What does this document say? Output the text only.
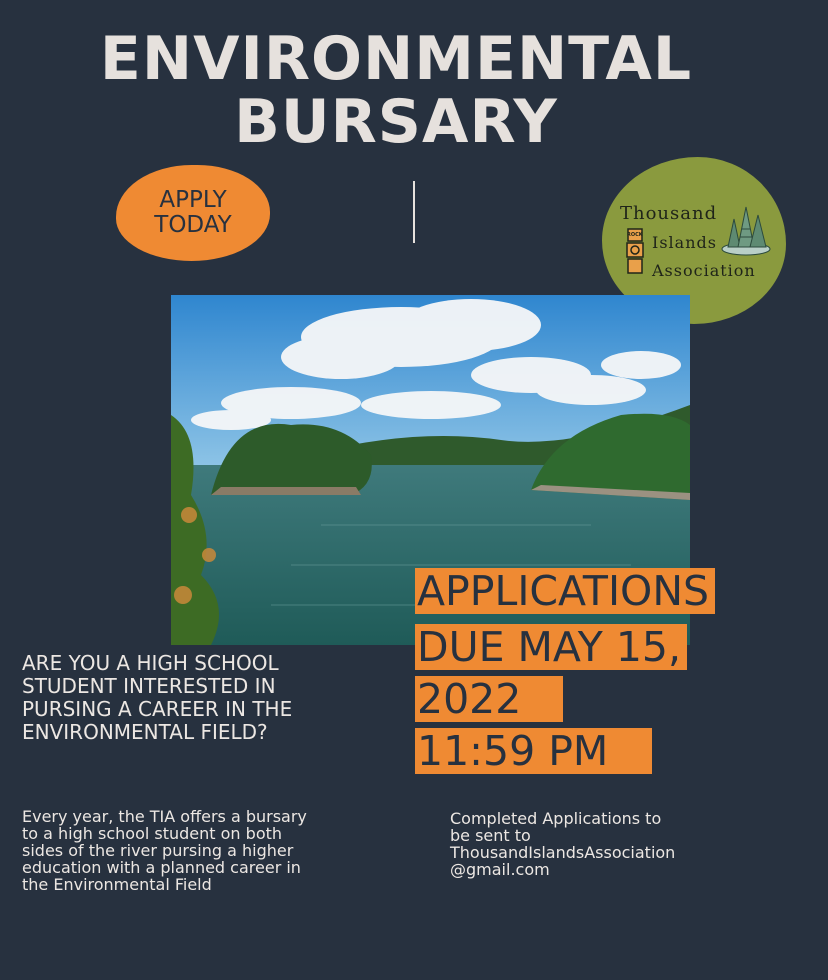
ENVIRONMENTAL
BURSARY
APPLY
TODAY	Thousand
Islands
Association
ROCK
APPLICATIONS
DUE MAY 15,
2022
11:59 PM
ARE YOU A HIGH SCHOOL STUDENT INTERESTED IN PURSING A CAREER IN THE ENVIRONMENTAL FIELD?
Every year, the TIA offers a bursary to a high school student on both sides of the river pursing a higher education with a planned career in the Environmental Field
Completed Applications to
be sent to
ThousandIslandsAssociation
@gmail.com
